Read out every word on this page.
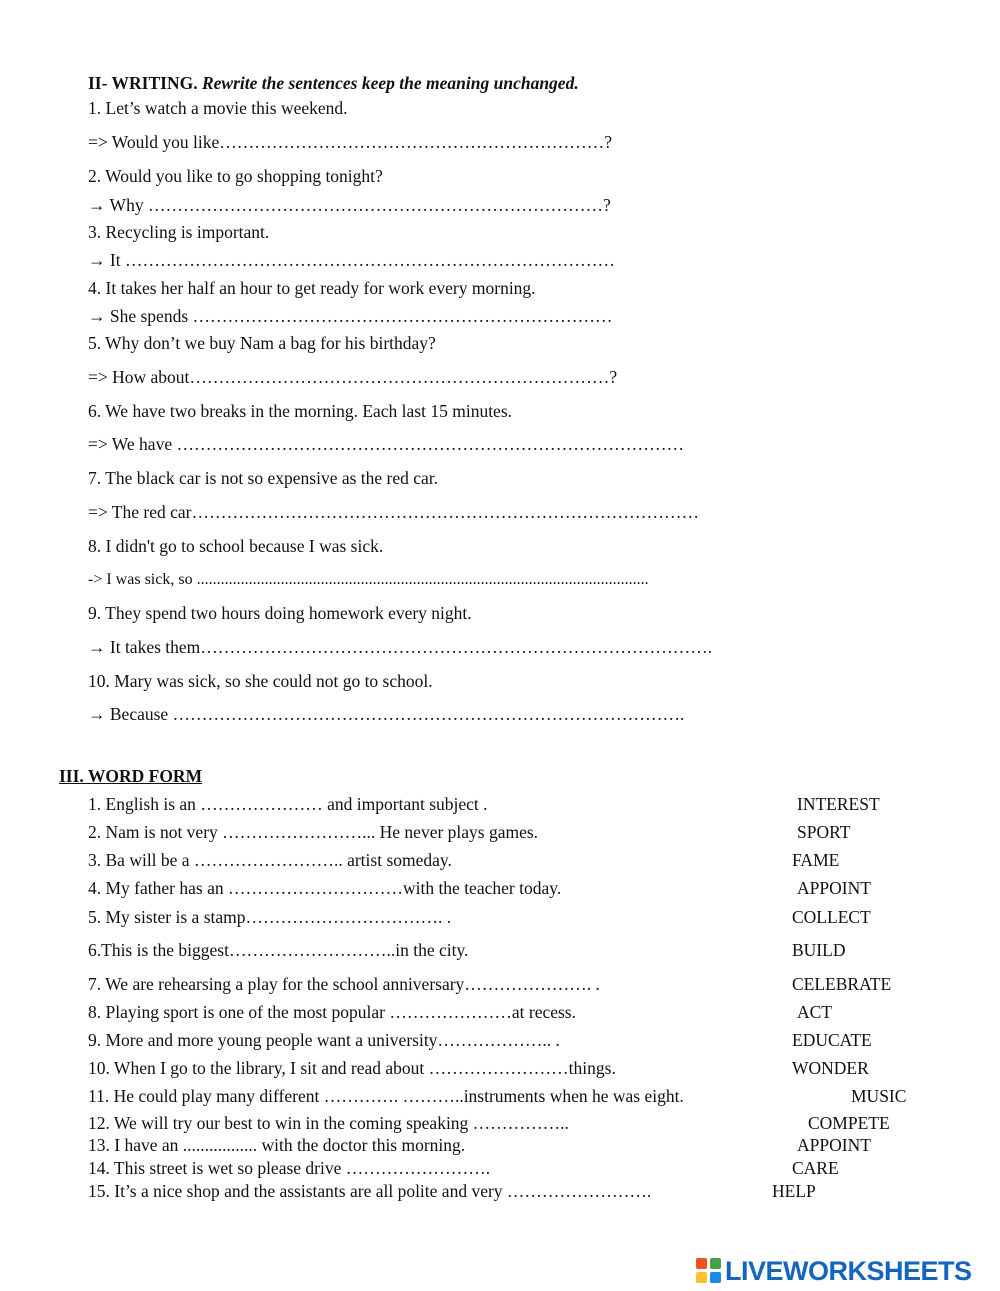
II- WRITING. Rewrite the sentences keep the meaning unchanged.
1. Let’s watch a movie this weekend.
=> Would you like…………………………………………………………?
2. Would you like to go shopping tonight?
→ Why ……………………………………………………………………?
3. Recycling is important.
→ It …………………………………………………………………………
4. It takes her half an hour to get ready for work every morning.
→ She spends ………………………………………………………………
5. Why don’t we buy Nam a bag for his birthday?
=> How about………………………………………………………………?
6. We have two breaks in the morning. Each last 15 minutes.
=> We have ……………………………………………………………………………
7. The black car is not so expensive as the red car.
=> The red car……………………………………………………………………………
8. I didn't go to school because I was sick.
-> I was sick, so .................................................................................................................
9. They spend two hours doing homework every night.
→ It takes them…………………………………………………………………………….
10. Mary was sick, so she could not go to school.
→ Because …………………………………………………………………………….
III. WORD FORM
1. English is an ………………… and important subject .	INTEREST
2. Nam is not very ……………………... He never plays games.	SPORT
3. Ba will be a …………………….. artist someday.	FAME
4. My father has an …………………………with the teacher today.	APPOINT
5. My sister is a stamp……………………………. .	COLLECT
6.This is the biggest………………………..in the city.	BUILD
7. We are rehearsing a play for the school anniversary…………………. .	CELEBRATE
8. Playing sport is one of the most popular …………………at recess.	ACT
9. More and more young people want a university……………….. .	EDUCATE
10. When I go to the library, I sit and read about ……………………things.	WONDER
11. He could play many different …………. ………..instruments when he was eight.	MUSIC
12. We will try our best to win in the coming speaking ……………..	COMPETE
13. I have an ................. with the doctor this morning.	APPOINT
14. This street is wet so please drive …………………….	CARE
15. It’s a nice shop and the assistants are all polite and very …………………….	HELP
LIVEWORKSHEETS
